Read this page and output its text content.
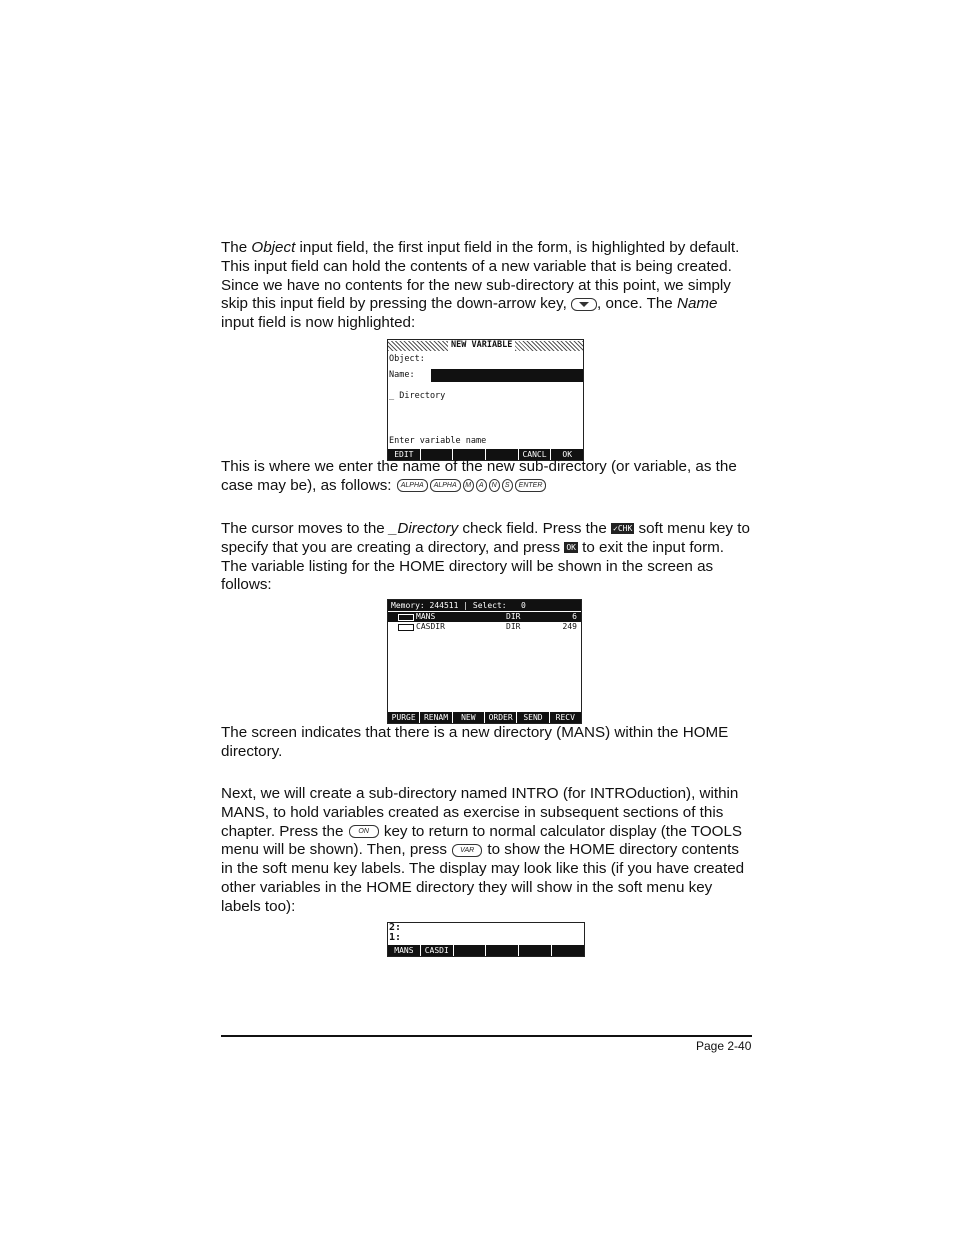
The Object input field, the first input field in the form, is highlighted by default. This input field can hold the contents of a new variable that is being created. Since we have no contents for the new sub-directory at this point, we simply skip this input field by pressing the down-arrow key, , once. The Name input field is now highlighted:
NEW VARIABLE
Object:
Name:
_ Directory
Enter variable name
EDIT	CANCL	OK
This is where we enter the name of the new sub-directory (or variable, as the case may be), as follows: ALPHA ALPHA M A N S ENTER
The cursor moves to the _Directory check field. Press the ✓CHK soft menu key to specify that you are creating a directory, and press OK to exit the input form. The variable listing for the HOME directory will be shown in the screen as follows:
Memory: 244511 | Select:   0
MANS	DIR	6
CASDIR	DIR	249
PURGE	RENAM	NEW	ORDER	SEND	RECV
The screen indicates that there is a new directory (MANS) within the HOME directory.
Next, we will create a sub-directory named INTRO (for INTROduction), within MANS, to hold variables created as exercise in subsequent sections of this chapter. Press the ON key to return to normal calculator display (the TOOLS menu will be shown). Then, press VAR to show the HOME directory contents in the soft menu key labels. The display may look like this (if you have created other variables in the HOME directory they will show in the soft menu key labels too):
2:
1:
MANS	CASDI
Page 2-40
